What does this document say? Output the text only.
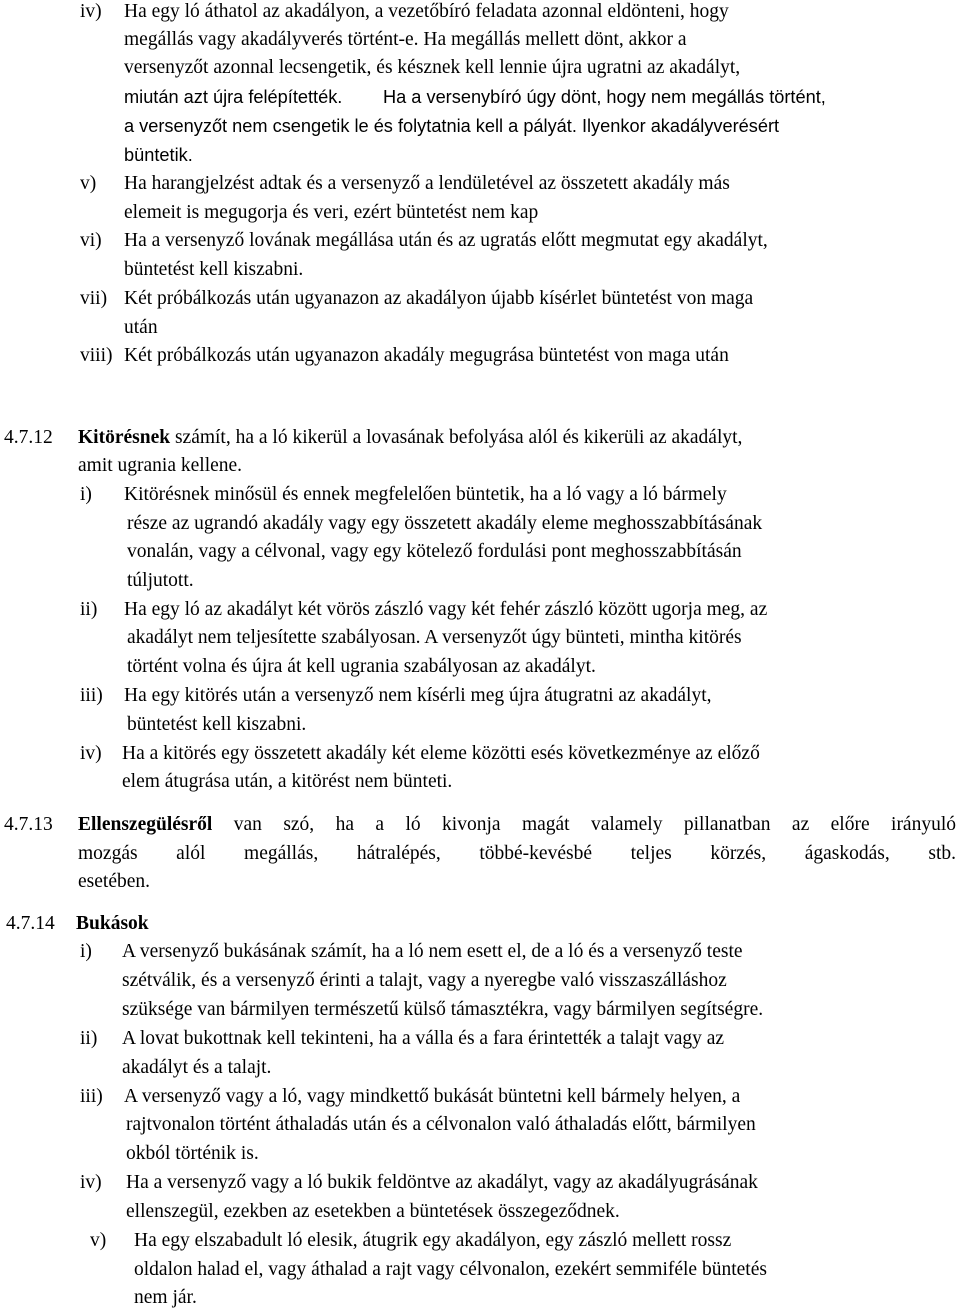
iv) Ha egy ló áthatol az akadályon, a vezetőbíró feladata azonnal eldönteni, hogy
megállás vagy akadályverés történt-e. Ha megállás mellett dönt, akkor a
versenyzőt azonnal lecsengetik, és késznek kell lennie újra ugratni az akadályt,
miután azt újra felépítették. Ha a versenybíró úgy dönt, hogy nem megállás történt,
a versenyzőt nem csengetik le és folytatnia kell a pályát. Ilyenkor akadályverésért
büntetik.
v) Ha harangjelzést adtak és a versenyző a lendületével az összetett akadály más
elemeit is megugorja és veri, ezért büntetést nem kap
vi) Ha a versenyző lovának megállása után és az ugratás előtt megmutat egy akadályt,
büntetést kell kiszabni.
vii) Két próbálkozás után ugyanazon az akadályon újabb kísérlet büntetést von maga
után
viii) Két próbálkozás után ugyanazon akadály megugrása büntetést von maga után
4.7.12 Kitörésnek számít, ha a ló kikerül a lovasának befolyása alól és kikerüli az akadályt,
amit ugrania kellene.
i) Kitörésnek minősül és ennek megfelelően büntetik, ha a ló vagy a ló bármely
része az ugrandó akadály vagy egy összetett akadály eleme meghosszabbításának
vonalán, vagy a célvonal, vagy egy kötelező fordulási pont meghosszabbításán
túljutott.
ii) Ha egy ló az akadályt két vörös zászló vagy két fehér zászló között ugorja meg, az
akadályt nem teljesítette szabályosan. A versenyzőt úgy bünteti, mintha kitörés
történt volna és újra át kell ugrania szabályosan az akadályt.
iii) Ha egy kitörés után a versenyző nem kísérli meg újra átugratni az akadályt,
büntetést kell kiszabni.
iv) Ha a kitörés egy összetett akadály két eleme közötti esés következménye az előző
elem átugrása után, a kitörést nem bünteti.
4.7.13 Ellenszegülésről van szó, ha a ló kivonja magát valamely pillanatban az előre irányuló
mozgás alól megállás, hátralépés, többé-kevésbé teljes körzés, ágaskodás, stb.
esetében.
4.7.14 Bukások
i) A versenyző bukásának számít, ha a ló nem esett el, de a ló és a versenyző teste
szétválik, és a versenyző érinti a talajt, vagy a nyeregbe való visszaszálláshoz
szüksége van bármilyen természetű külső támasztékra, vagy bármilyen segítségre.
ii) A lovat bukottnak kell tekinteni, ha a válla és a fara érintették a talajt vagy az
akadályt és a talajt.
iii) A versenyző vagy a ló, vagy mindkettő bukását büntetni kell bármely helyen, a
rajtvonalon történt áthaladás után és a célvonalon való áthaladás előtt, bármilyen
okból történik is.
iv) Ha a versenyző vagy a ló bukik feldöntve az akadályt, vagy az akadályugrásának
ellenszegül, ezekben az esetekben a büntetések összegeződnek.
v) Ha egy elszabadult ló elesik, átugrik egy akadályon, egy zászló mellett rossz
oldalon halad el, vagy áthalad a rajt vagy célvonalon, ezekért semmiféle büntetés
nem jár.
